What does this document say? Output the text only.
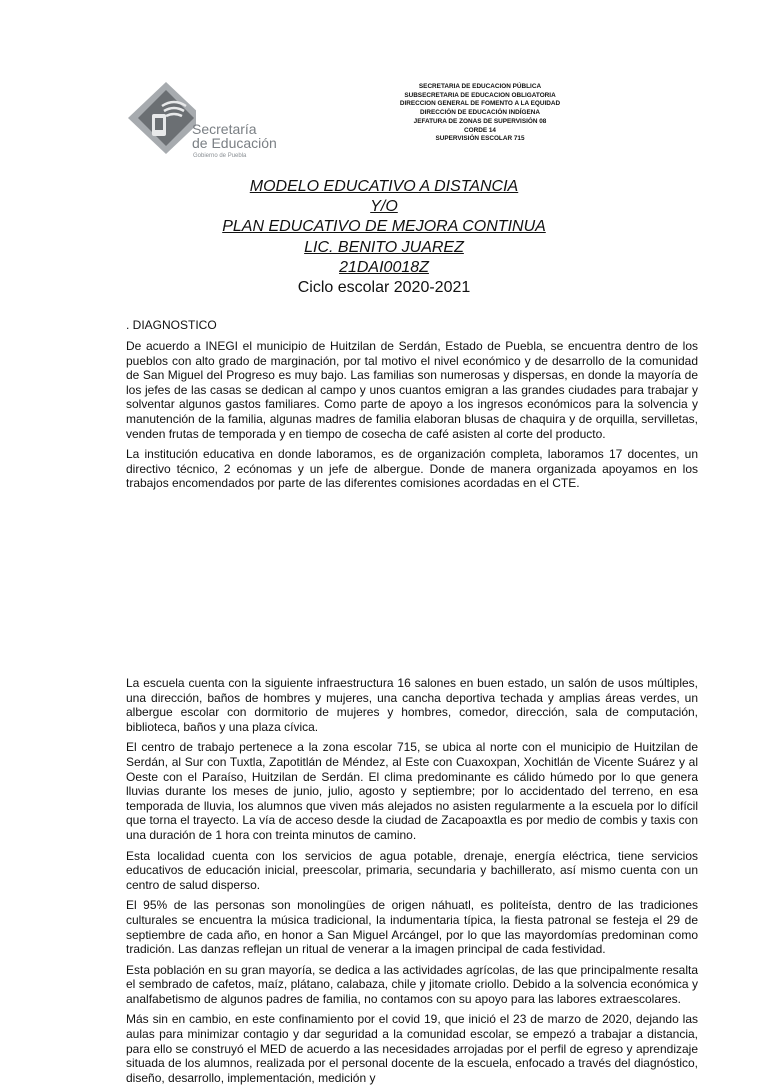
Secretaría
de Educación
Gobierno de Puebla
SECRETARIA DE EDUCACION PÚBLICA
SUBSECRETARIA DE EDUCACION OBLIGATORIA
DIRECCION GENERAL DE FOMENTO A LA EQUIDAD
DIRECCIÓN DE EDUCACIÓN INDÍGENA
JEFATURA DE ZONAS DE SUPERVISIÓN 08
CORDE 14
SUPERVISIÓN ESCOLAR 715
MODELO EDUCATIVO A DISTANCIA
Y/O
PLAN EDUCATIVO DE MEJORA CONTINUA
LIC. BENITO JUAREZ
21DAI0018Z
Ciclo escolar 2020-2021
. DIAGNOSTICO

De acuerdo a INEGI el municipio de Huitzilan de Serdán, Estado de Puebla, se encuentra dentro de los pueblos con alto grado de marginación, por tal motivo el nivel económico y de desarrollo de la comunidad de San Miguel del Progreso es muy bajo. Las familias son numerosas y dispersas, en donde la mayoría de los jefes de las casas se dedican al campo y unos cuantos emigran a las grandes ciudades para trabajar y solventar algunos gastos familiares. Como parte de apoyo a los ingresos económicos para la solvencia y manutención de la familia, algunas madres de familia elaboran blusas de chaquira y de orquilla, servilletas, venden frutas de temporada y en tiempo de cosecha de café asisten al corte del producto.

La institución educativa en donde laboramos, es de organización completa, laboramos 17 docentes, un directivo técnico, 2 ecónomas y un jefe de albergue. Donde de manera organizada apoyamos en los trabajos encomendados por parte de las diferentes comisiones acordadas en el CTE.

La escuela cuenta con la siguiente infraestructura 16 salones en buen estado, un salón de usos múltiples, una dirección, baños de hombres y mujeres, una cancha deportiva techada y amplias áreas verdes, un albergue escolar con dormitorio de mujeres y hombres, comedor, dirección, sala de computación, biblioteca, baños y una plaza cívica.

El centro de trabajo pertenece a la zona escolar 715, se ubica al norte con el municipio de Huitzilan de Serdán, al Sur con Tuxtla, Zapotitlán de Méndez, al Este con Cuaxoxpan, Xochitlán de Vicente Suárez y al Oeste con el Paraíso, Huitzilan de Serdán. El clima predominante es cálido húmedo por lo que genera lluvias durante los meses de junio, julio, agosto y septiembre; por lo accidentado del terreno, en esa temporada de lluvia, los alumnos que viven más alejados no asisten regularmente a la escuela por lo difícil que torna el trayecto. La vía de acceso desde la ciudad de Zacapoaxtla es por medio de combis y taxis con una duración de 1 hora con treinta minutos de camino.

Esta localidad cuenta con los servicios de agua potable, drenaje, energía eléctrica, tiene servicios educativos de educación inicial, preescolar, primaria, secundaria y bachillerato, así mismo cuenta con un centro de salud disperso.

El 95% de las personas son monolingües de origen náhuatl, es politeísta, dentro de las tradiciones culturales se encuentra la música tradicional, la indumentaria típica, la fiesta patronal se festeja el 29 de septiembre de cada año, en honor a San Miguel Arcángel, por lo que las mayordomías predominan como tradición. Las danzas reflejan un ritual de venerar a la imagen principal de cada festividad.

Esta población en su gran mayoría, se dedica a las actividades agrícolas, de las que principalmente resalta el sembrado de cafetos, maíz, plátano, calabaza, chile y jitomate criollo. Debido a la solvencia económica y analfabetismo de algunos padres de familia, no contamos con su apoyo para las labores extraescolares.

Más sin en cambio, en este confinamiento por el covid 19, que inició el 23 de marzo de 2020, dejando las aulas para minimizar contagio y dar seguridad a la comunidad escolar, se empezó a trabajar a distancia, para ello se construyó el MED de acuerdo a las necesidades arrojadas por el perfil de egreso y aprendizaje situada de los alumnos, realizada por el personal docente de la escuela, enfocado a través del diagnóstico, diseño, desarrollo, implementación, medición y
